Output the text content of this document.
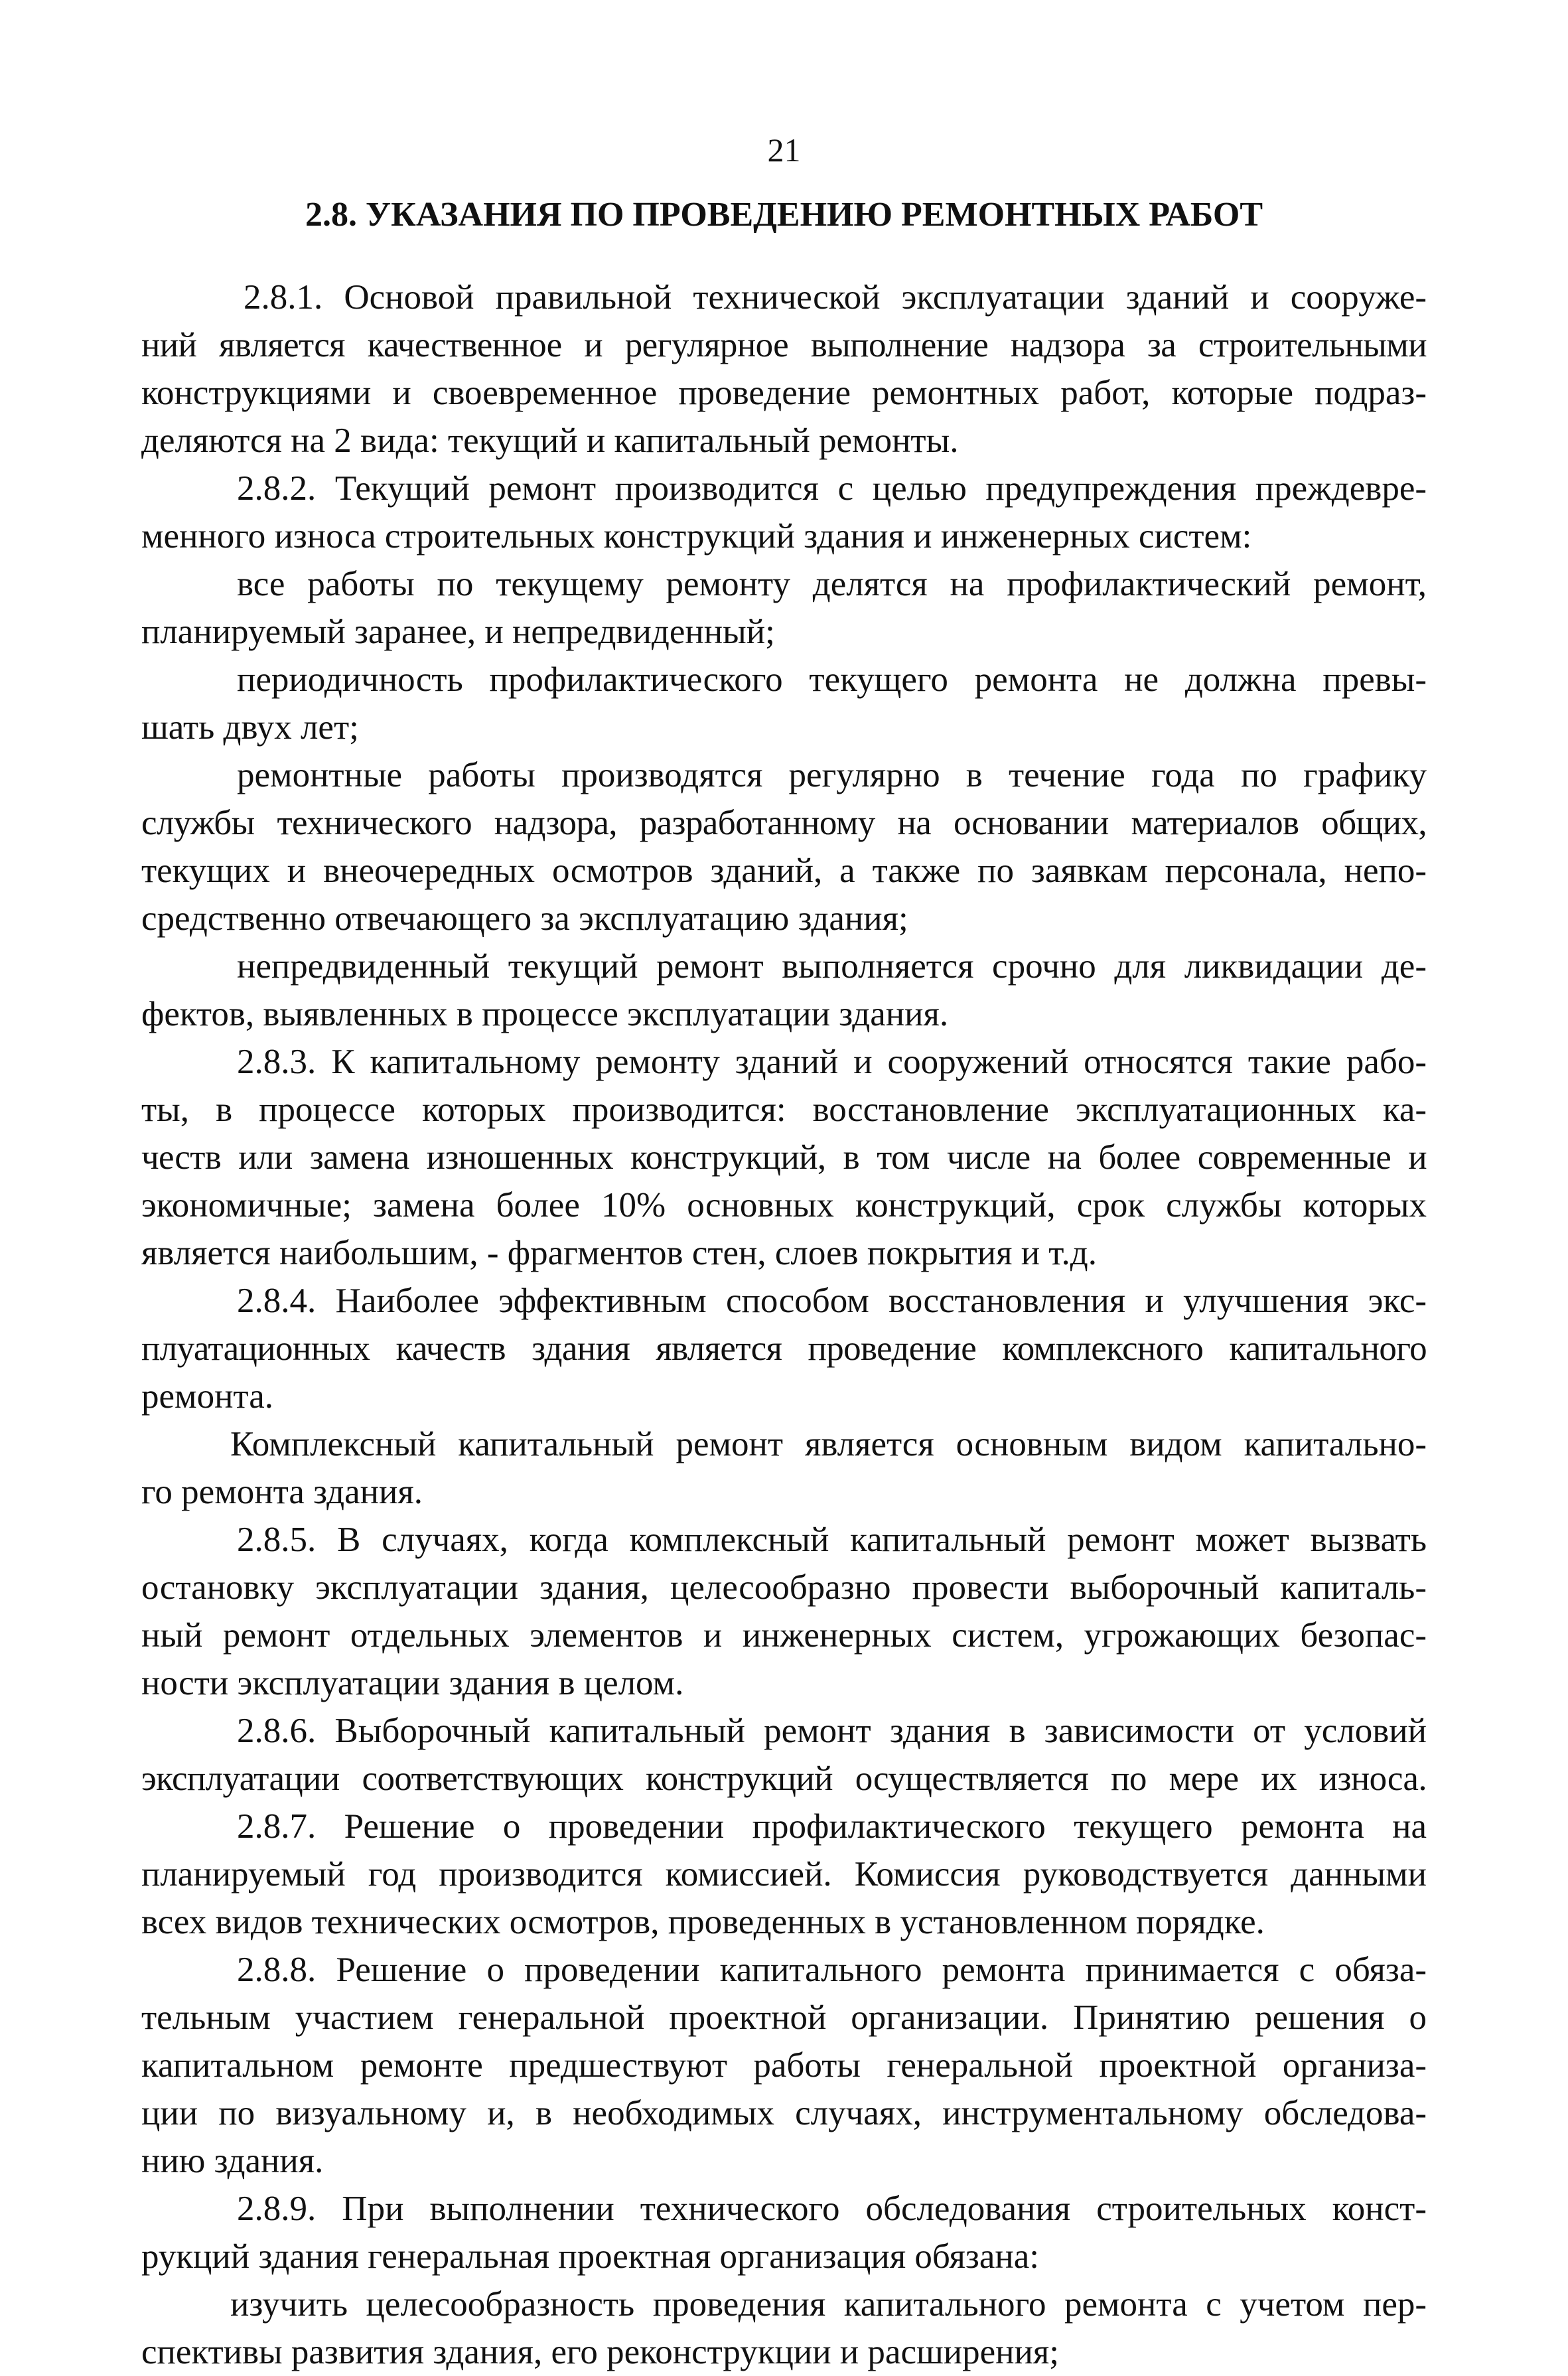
21
2.8. УКАЗАНИЯ ПО ПРОВЕДЕНИЮ РЕМОНТНЫХ РАБОТ
2.8.1. Основой правильной технической эксплуатации зданий и сооруже-
ний является качественное и регулярное выполнение надзора за строительными
конструкциями и своевременное проведение ремонтных работ, которые подраз-
деляются на 2 вида: текущий и капитальный ремонты.
2.8.2. Текущий ремонт производится с целью предупреждения преждевре-
менного износа строительных конструкций здания и инженерных систем:
все работы по текущему ремонту делятся на профилактический ремонт,
планируемый заранее, и непредвиденный;
периодичность профилактического текущего ремонта не должна превы-
шать двух лет;
ремонтные работы производятся регулярно в течение года по графику
службы технического надзора, разработанному на основании материалов общих,
текущих и внеочередных осмотров зданий, а также по заявкам персонала, непо-
средственно отвечающего за эксплуатацию здания;
непредвиденный текущий ремонт выполняется срочно для ликвидации де-
фектов, выявленных в процессе эксплуатации здания.
2.8.3. К капитальному ремонту зданий и сооружений относятся такие рабо-
ты, в процессе которых производится: восстановление эксплуатационных ка-
честв или замена изношенных конструкций, в том числе на более современные и
экономичные; замена более 10% основных конструкций, срок службы которых
является наибольшим, - фрагментов стен, слоев покрытия и т.д.
2.8.4. Наиболее эффективным способом восстановления и улучшения экс-
плуатационных качеств здания является проведение комплексного капитального
ремонта.
Комплексный капитальный ремонт является основным видом капитально-
го ремонта здания.
2.8.5. В случаях, когда комплексный капитальный ремонт может вызвать
остановку эксплуатации здания, целесообразно провести выборочный капиталь-
ный ремонт отдельных элементов и инженерных систем, угрожающих безопас-
ности эксплуатации здания в целом.
2.8.6. Выборочный капитальный ремонт здания в зависимости от условий
эксплуатации соответствующих конструкций осуществляется по мере их износа.
2.8.7. Решение о проведении профилактического текущего ремонта на
планируемый год производится комиссией. Комиссия руководствуется данными
всех видов технических осмотров, проведенных в установленном порядке.
2.8.8. Решение о проведении капитального ремонта принимается с обяза-
тельным участием генеральной проектной организации. Принятию решения о
капитальном ремонте предшествуют работы генеральной проектной организа-
ции по визуальному и, в необходимых случаях, инструментальному обследова-
нию здания.
2.8.9. При выполнении технического обследования строительных конст-
рукций здания генеральная проектная организация обязана:
изучить целесообразность проведения капитального ремонта с учетом пер-
спективы развития здания, его реконструкции и расширения;
